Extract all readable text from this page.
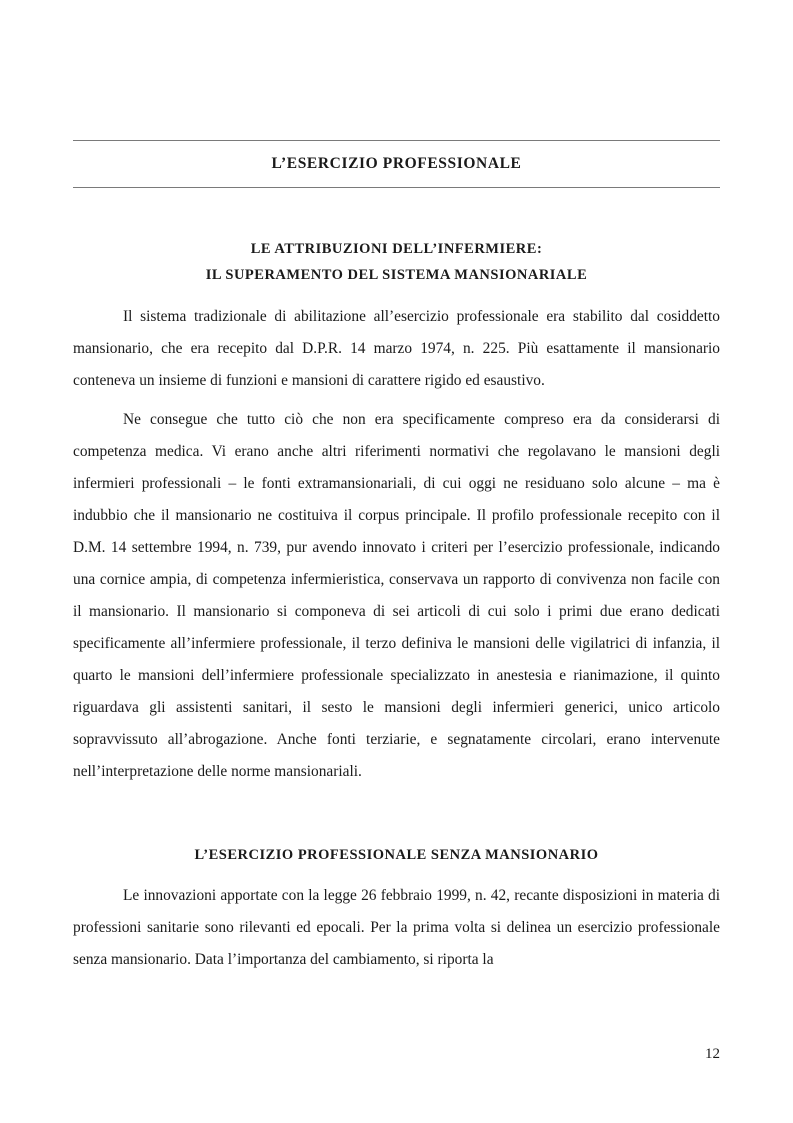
L’ESERCIZIO PROFESSIONALE
LE ATTRIBUZIONI DELL’INFERMIERE:
IL SUPERAMENTO DEL SISTEMA MANSIONARIALE

Il sistema tradizionale di abilitazione all’esercizio professionale era stabilito dal cosiddetto mansionario, che era recepito dal D.P.R. 14 marzo 1974, n. 225. Più esattamente il mansionario conteneva un insieme di funzioni e mansioni di carattere rigido ed esaustivo.

Ne consegue che tutto ciò che non era specificamente compreso era da considerarsi di competenza medica. Vi erano anche altri riferimenti normativi che regolavano le mansioni degli infermieri professionali – le fonti extramansionariali, di cui oggi ne residuano solo alcune – ma è indubbio che il mansionario ne costituiva il corpus principale. Il profilo professionale recepito con il D.M. 14 settembre 1994, n. 739, pur avendo innovato i criteri per l’esercizio professionale, indicando una cornice ampia, di competenza infermieristica, conservava un rapporto di convivenza non facile con il mansionario. Il mansionario si componeva di sei articoli di cui solo i primi due erano dedicati specificamente all’infermiere professionale, il terzo definiva le mansioni delle vigilatrici di infanzia, il quarto le mansioni dell’infermiere professionale specializzato in anestesia e rianimazione, il quinto riguardava gli assistenti sanitari, il sesto le mansioni degli infermieri generici, unico articolo sopravvissuto all’abrogazione. Anche fonti terziarie, e segnatamente circolari, erano intervenute nell’interpretazione delle norme mansionariali.

L’ESERCIZIO PROFESSIONALE SENZA MANSIONARIO

Le innovazioni apportate con la legge 26 febbraio 1999, n. 42, recante disposizioni in materia di professioni sanitarie sono rilevanti ed epocali. Per la prima volta si delinea un esercizio professionale senza mansionario. Data l’importanza del cambiamento, si riporta la

12
